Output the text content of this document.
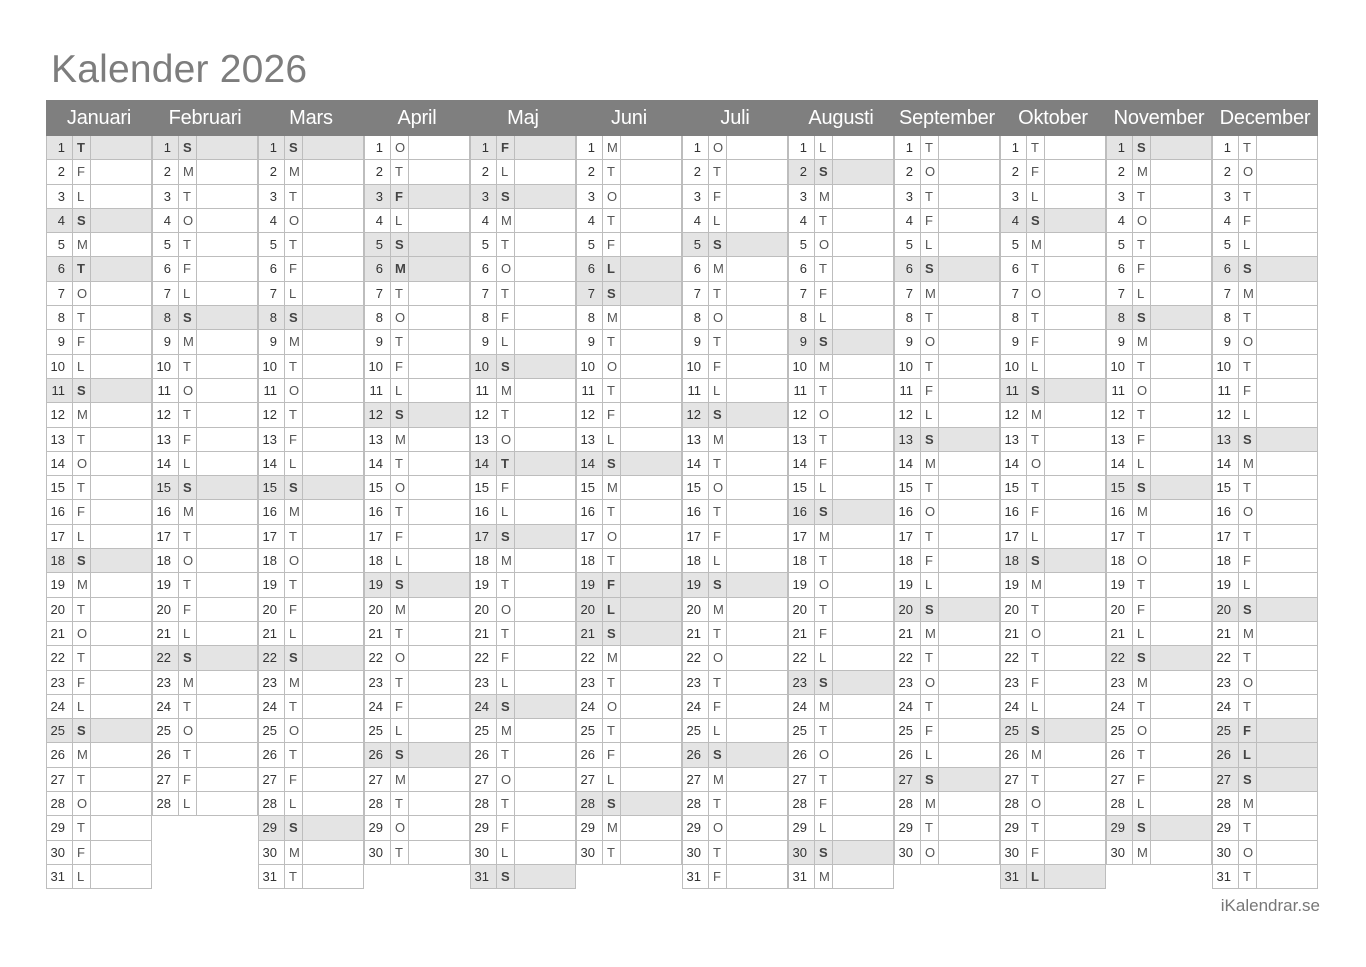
Kalender 2026
Januari
1 T
2 F
3 L
4 S
5 M
6 T
7 O
8 T
9 F
10 L
11 S
12 M
13 T
14 O
15 T
16 F
17 L
18 S
19 M
20 T
21 O
22 T
23 F
24 L
25 S
26 M
27 T
28 O
29 T
30 F
31 L
Februari
1 S
2 M
3 T
4 O
5 T
6 F
7 L
8 S
9 M
10 T
11 O
12 T
13 F
14 L
15 S
16 M
17 T
18 O
19 T
20 F
21 L
22 S
23 M
24 T
25 O
26 T
27 F
28 L
Mars
1 S
2 M
3 T
4 O
5 T
6 F
7 L
8 S
9 M
10 T
11 O
12 T
13 F
14 L
15 S
16 M
17 T
18 O
19 T
20 F
21 L
22 S
23 M
24 T
25 O
26 T
27 F
28 L
29 S
30 M
31 T
April
1 O
2 T
3 F
4 L
5 S
6 M
7 T
8 O
9 T
10 F
11 L
12 S
13 M
14 T
15 O
16 T
17 F
18 L
19 S
20 M
21 T
22 O
23 T
24 F
25 L
26 S
27 M
28 T
29 O
30 T
Maj
1 F
2 L
3 S
4 M
5 T
6 O
7 T
8 F
9 L
10 S
11 M
12 T
13 O
14 T
15 F
16 L
17 S
18 M
19 T
20 O
21 T
22 F
23 L
24 S
25 M
26 T
27 O
28 T
29 F
30 L
31 S
Juni
1 M
2 T
3 O
4 T
5 F
6 L
7 S
8 M
9 T
10 O
11 T
12 F
13 L
14 S
15 M
16 T
17 O
18 T
19 F
20 L
21 S
22 M
23 T
24 O
25 T
26 F
27 L
28 S
29 M
30 T
Juli
1 O
2 T
3 F
4 L
5 S
6 M
7 T
8 O
9 T
10 F
11 L
12 S
13 M
14 T
15 O
16 T
17 F
18 L
19 S
20 M
21 T
22 O
23 T
24 F
25 L
26 S
27 M
28 T
29 O
30 T
31 F
Augusti
1 L
2 S
3 M
4 T
5 O
6 T
7 F
8 L
9 S
10 M
11 T
12 O
13 T
14 F
15 L
16 S
17 M
18 T
19 O
20 T
21 F
22 L
23 S
24 M
25 T
26 O
27 T
28 F
29 L
30 S
31 M
September
1 T
2 O
3 T
4 F
5 L
6 S
7 M
8 T
9 O
10 T
11 F
12 L
13 S
14 M
15 T
16 O
17 T
18 F
19 L
20 S
21 M
22 T
23 O
24 T
25 F
26 L
27 S
28 M
29 T
30 O
Oktober
1 T
2 F
3 L
4 S
5 M
6 T
7 O
8 T
9 F
10 L
11 S
12 M
13 T
14 O
15 T
16 F
17 L
18 S
19 M
20 T
21 O
22 T
23 F
24 L
25 S
26 M
27 T
28 O
29 T
30 F
31 L
November
1 S
2 M
3 T
4 O
5 T
6 F
7 L
8 S
9 M
10 T
11 O
12 T
13 F
14 L
15 S
16 M
17 T
18 O
19 T
20 F
21 L
22 S
23 M
24 T
25 O
26 T
27 F
28 L
29 S
30 M
December
1 T
2 O
3 T
4 F
5 L
6 S
7 M
8 T
9 O
10 T
11 F
12 L
13 S
14 M
15 T
16 O
17 T
18 F
19 L
20 S
21 M
22 T
23 O
24 T
25 F
26 L
27 S
28 M
29 T
30 O
31 T
iKalendrar.se
